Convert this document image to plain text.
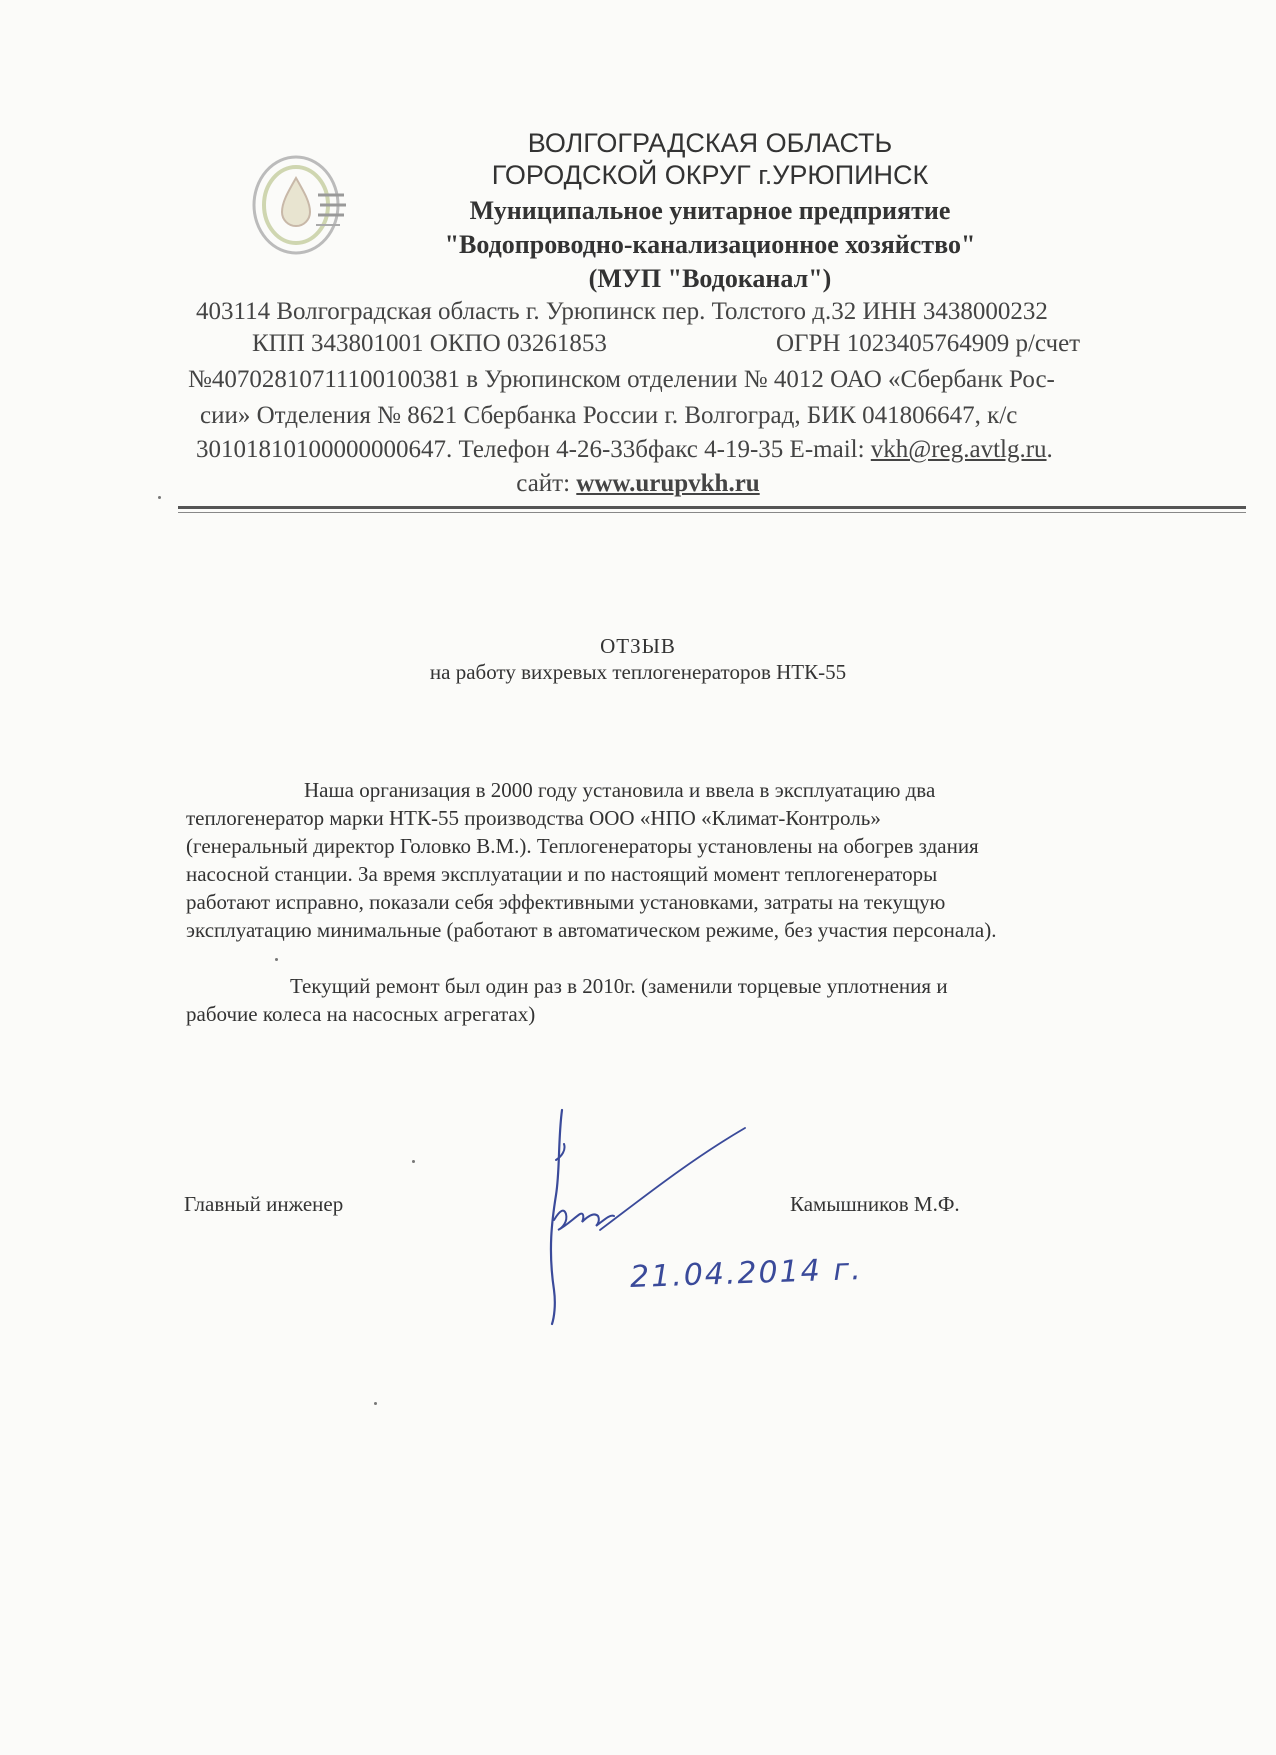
ВОЛГОГРАДСКАЯ ОБЛАСТЬ
ГОРОДСКОЙ ОКРУГ г.УРЮПИНСК
Муниципальное унитарное предприятие
"Водопроводно-канализационное хозяйство"
(МУП "Водоканал")
403114 Волгоградская область г. Урюпинск пер. Толстого д.32 ИНН 3438000232
КПП 343801001 ОКПО 03261853	ОГРН 1023405764909 р/счет
№40702810711100100381 в Урюпинском отделении № 4012 ОАО «Сбербанк Рос-
сии» Отделения № 8621 Сбербанка России г. Волгоград, БИК 041806647, к/с
30101810100000000647. Телефон 4-26-33бфакс 4-19-35 E-mail: vkh@reg.avtlg.ru.
сайт: www.urupvkh.ru
ОТЗЫВ
на работу вихревых теплогенераторов НТК-55
Наша организация в 2000 году установила и ввела в эксплуатацию два
теплогенератор марки НТК-55 производства ООО «НПО «Климат-Контроль»
(генеральный директор Головко В.М.). Теплогенераторы установлены на обогрев здания
насосной станции. За время эксплуатации и по настоящий момент теплогенераторы
работают исправно, показали себя эффективными установками, затраты на текущую
эксплуатацию минимальные (работают в автоматическом режиме, без участия персонала).
Текущий ремонт был один раз в 2010г. (заменили торцевые уплотнения и
рабочие колеса на насосных агрегатах)
Главный инженер	Камышников М.Ф.
21.04.2014 г.
